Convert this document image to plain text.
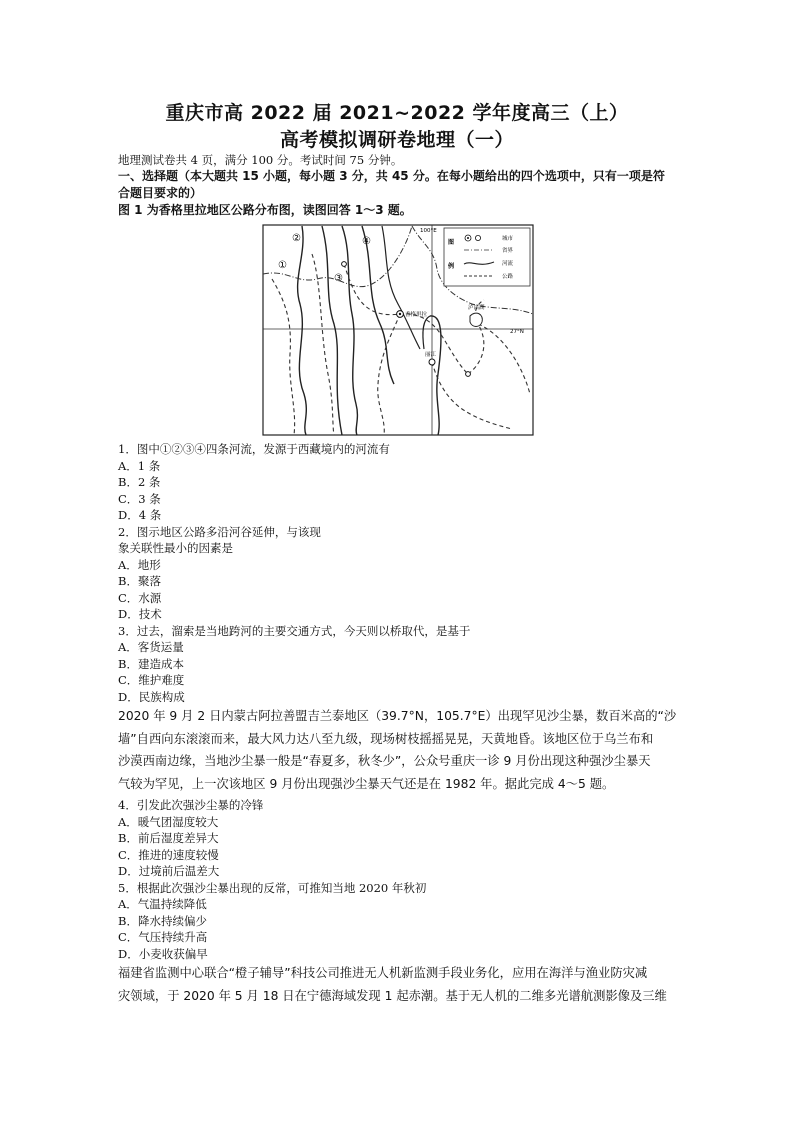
重庆市高 2022 届 2021~2022 学年度高三（上）
高考模拟调研卷地理（一）
地理测试卷共 4 页，满分 100 分。考试时间 75 分钟。
一、选择题（本大题共 15 小题，每小题 3 分，共 45 分。在每小题给出的四个选项中，只有一项是符
合题目要求的）
图 1 为香格里拉地区公路分布图，读图回答 1～3 题。
①
②
③
④
100°E
27°N
香格里拉
丽江
泸沽湖
图
例
城市
省界
河流
公路
1．图中①②③④四条河流，发源于西藏境内的河流有
A．1 条
B．2 条
C．3 条
D．4 条
2．图示地区公路多沿河谷延伸，与该现
象关联性最小的因素是
A．地形
B．聚落
C．水源
D．技术
3．过去，溜索是当地跨河的主要交通方式，今天则以桥取代，是基于
A．客货运量
B．建造成本
C．维护难度
D．民族构成
2020 年 9 月 2 日内蒙古阿拉善盟吉兰泰地区（39.7°N，105.7°E）出现罕见沙尘暴，数百米高的“沙
墙”自西向东滚滚而来，最大风力达八至九级，现场树枝摇摇晃晃，天黄地昏。该地区位于乌兰布和
沙漠西南边缘，当地沙尘暴一般是“春夏多，秋冬少”，公众号重庆一诊 9 月份出现这种强沙尘暴天
气较为罕见，上一次该地区 9 月份出现强沙尘暴天气还是在 1982 年。据此完成 4～5 题。
4．引发此次强沙尘暴的冷锋
A．暖气团湿度较大
B．前后湿度差异大
C．推进的速度较慢
D．过境前后温差大
5．根据此次强沙尘暴出现的反常，可推知当地 2020 年秋初
A．气温持续降低
B．降水持续偏少
C．气压持续升高
D．小麦收获偏早
福建省监测中心联合“橙子辅导”科技公司推进无人机新监测手段业务化，应用在海洋与渔业防灾减
灾领域，于 2020 年 5 月 18 日在宁德海域发现 1 起赤潮。基于无人机的二维多光谱航测影像及三维
